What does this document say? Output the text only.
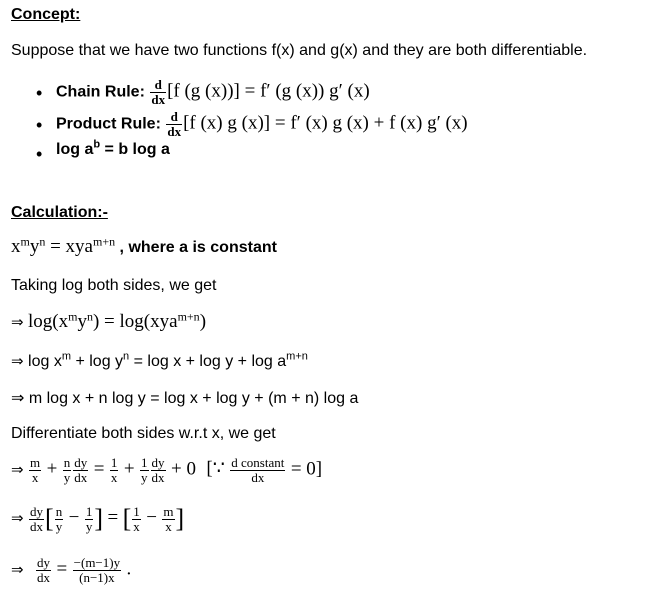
Concept:
Suppose that we have two functions f(x) and g(x) and they are both differentiable.
• Chain Rule: $\frac{d}{dx} [f$ (g (x))] = f′ (g (x)) g′ (x)
• Product Rule: $\frac{d}{dx} [f$ (x) g (x)] = f′ (x) g (x) + f (x) g′ (x)
• $\log a^b = b$ log a
Calculation:-
$x^my^n = xya^{m+n}$ , where a is constant
Taking log both sides, we get
⇒ $\log(x^my^n) = \log(xya^{m+n})$
⇒ $\log x^m + \log y^n = \log x + \log y + \log a^{m+n}$
⇒ m log x + n log y = log x + log y + (m + n) log a
Differentiate both sides w.r.t x, we get
⇒ $\frac{m}{x} + \frac{n}{y} \frac{dy}{dx} = \frac{1}{x} + \frac{1}{y} \frac{dy}{dx} + 0$ [∵ $\frac{\text{d constant}}{dx} = 0$]
⇒ $\frac{dy}{dx}$ [ $\frac{n}{y} - \frac{1}{y}$ ] = [ $\frac{1}{x} - \frac{m}{x}$ ]
⇒ $\frac{dy}{dx} = \frac{-(m-1)y}{(n-1)x}$ .
